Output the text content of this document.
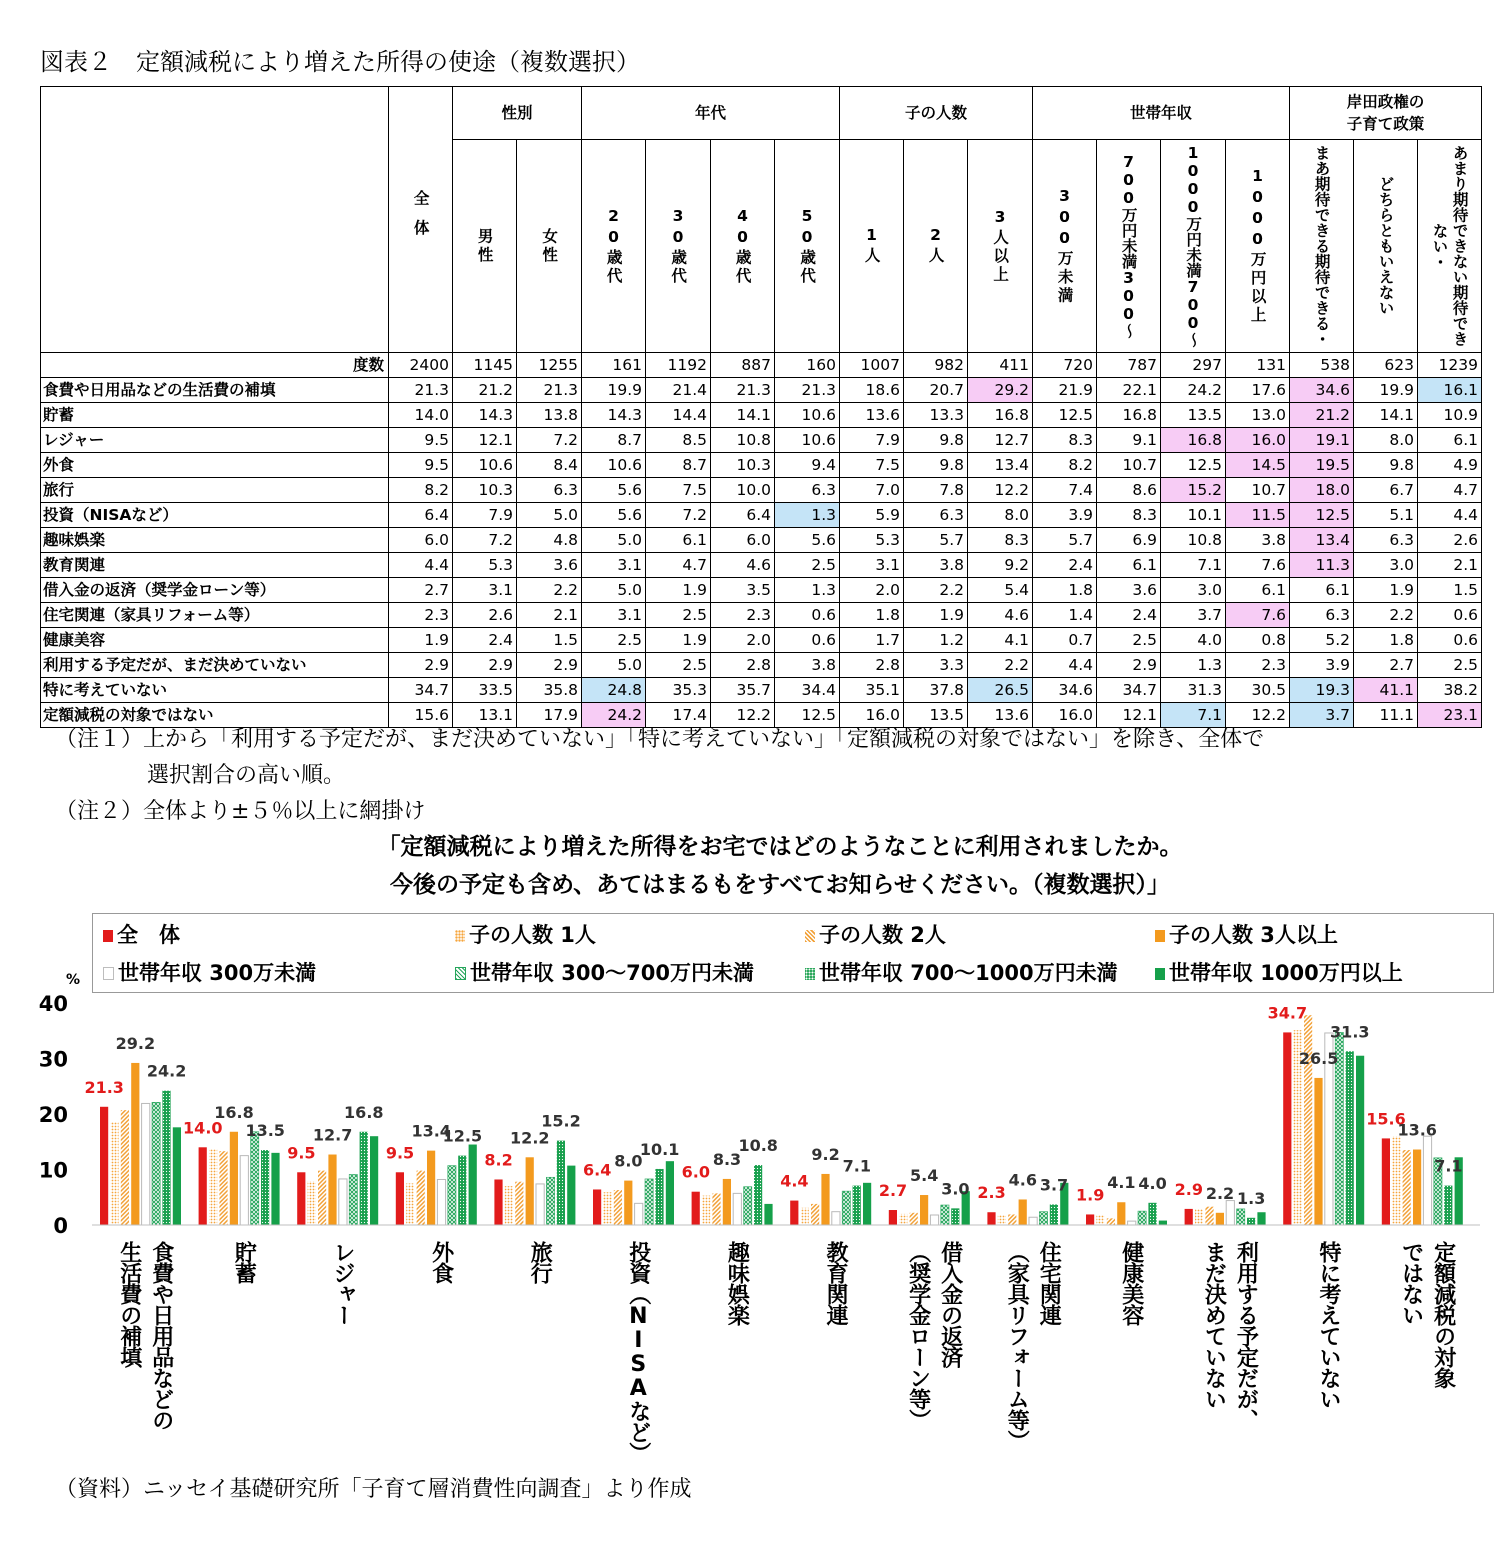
図表２　定額減税により増えた所得の使途（複数選択）

	全体	性別		年代				子の人数			世帯年収				岸田政権の
子育て政策		

		男性	女性	20歳代	30歳代	40歳代	50歳代	1人	2人	3人以上	300万未満	700万円未満300〜	1000万円未満700〜	1000万円以上	まあ期待できる期待できる・	どちらともいえない	あまり期待できない期待できない・

度数	2400	1145	1255	161	1192	887	160	1007	982	411	720	787	297	131	538	623	1239
食費や日用品などの生活費の補填	21.3	21.2	21.3	19.9	21.4	21.3	21.3	18.6	20.7	29.2	21.9	22.1	24.2	17.6	34.6	19.9	16.1
貯蓄	14.0	14.3	13.8	14.3	14.4	14.1	10.6	13.6	13.3	16.8	12.5	16.8	13.5	13.0	21.2	14.1	10.9
レジャー	9.5	12.1	7.2	8.7	8.5	10.8	10.6	7.9	9.8	12.7	8.3	9.1	16.8	16.0	19.1	8.0	6.1
外食	9.5	10.6	8.4	10.6	8.7	10.3	9.4	7.5	9.8	13.4	8.2	10.7	12.5	14.5	19.5	9.8	4.9
旅行	8.2	10.3	6.3	5.6	7.5	10.0	6.3	7.0	7.8	12.2	7.4	8.6	15.2	10.7	18.0	6.7	4.7
投資（NISAなど）	6.4	7.9	5.0	5.6	7.2	6.4	1.3	5.9	6.3	8.0	3.9	8.3	10.1	11.5	12.5	5.1	4.4
趣味娯楽	6.0	7.2	4.8	5.0	6.1	6.0	5.6	5.3	5.7	8.3	5.7	6.9	10.8	3.8	13.4	6.3	2.6
教育関連	4.4	5.3	3.6	3.1	4.7	4.6	2.5	3.1	3.8	9.2	2.4	6.1	7.1	7.6	11.3	3.0	2.1
借入金の返済（奨学金ローン等）	2.7	3.1	2.2	5.0	1.9	3.5	1.3	2.0	2.2	5.4	1.8	3.6	3.0	6.1	6.1	1.9	1.5
住宅関連（家具リフォーム等）	2.3	2.6	2.1	3.1	2.5	2.3	0.6	1.8	1.9	4.6	1.4	2.4	3.7	7.6	6.3	2.2	0.6
健康美容	1.9	2.4	1.5	2.5	1.9	2.0	0.6	1.7	1.2	4.1	0.7	2.5	4.0	0.8	5.2	1.8	0.6
利用する予定だが、まだ決めていない	2.9	2.9	2.9	5.0	2.5	2.8	3.8	2.8	3.3	2.2	4.4	2.9	1.3	2.3	3.9	2.7	2.5
特に考えていない	34.7	33.5	35.8	24.8	35.3	35.7	34.4	35.1	37.8	26.5	34.6	34.7	31.3	30.5	19.3	41.1	38.2
定額減税の対象ではない	15.6	13.1	17.9	24.2	17.4	12.2	12.5	16.0	13.5	13.6	16.0	12.1	7.1	12.2	3.7	11.1	23.1
（注１）上から「利用する予定だが、まだ決めていない」「特に考えていない」「定額減税の対象ではない」を除き、全体で
選択割合の高い順。
（注２）全体より±５％以上に網掛け
「定額減税により増えた所得をお宅ではどのようなことに利用されましたか。
今後の予定も含め、あてはまるもをすべてお知らせください。（複数選択）」
全　体	子の人数 1人	子の人数 2人	子の人数 3人以上
世帯年収 300万未満	世帯年収 300〜700万円未満	世帯年収 700〜1000万円未満	世帯年収 1000万円以上
%
0
10
20
30
40
21.3
29.2
24.2
食費や日用品などの
生活費の補填
14.0
16.8
13.5
貯蓄
9.5
12.7
16.8
レジャー
9.5
13.4
12.5
外食
8.2
12.2
15.2
旅行
6.4 8.0
10.1
投資（NISAなど）
6.0
8.3
10.8
趣味娯楽
4.4
9.2
7.1
教育関連
2.7
5.4
3.0
借入金の返済
（奨学金ローン等）
2.3
4.6 3.7
住宅関連
（家具リフォーム等）
1.9
4.1 4.0
健康美容
2.9 2.2 1.3
利用する予定だが、
まだ決めていない
34.7
26.5
31.3
特に考えていない
15.6
13.6
7.1
定額減税の対象
ではない
（資料）ニッセイ基礎研究所「子育て層消費性向調査」より作成
